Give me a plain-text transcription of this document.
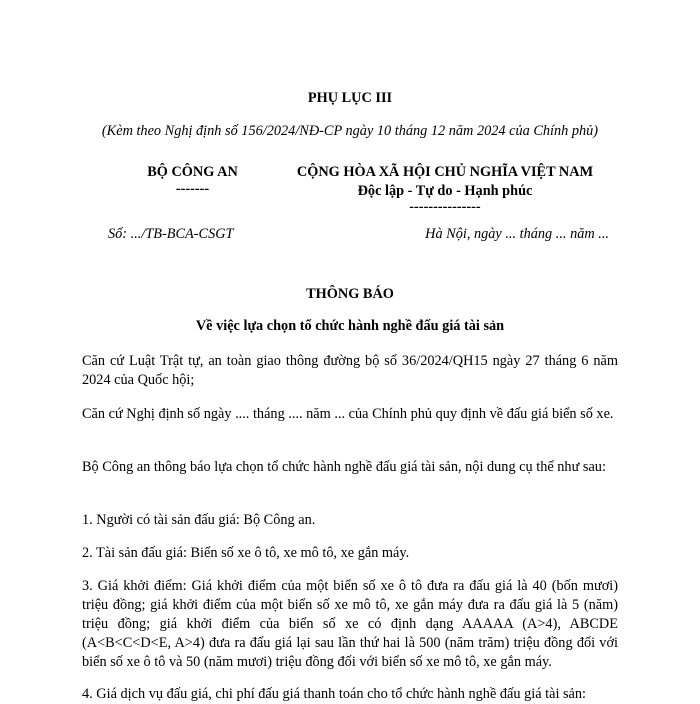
PHỤ LỤC III
(Kèm theo Nghị định số 156/2024/NĐ-CP ngày 10 tháng 12 năm 2024 của Chính phủ)
BỘ CÔNG AN
-------
Số: .../TB-BCA-CSGT
CỘNG HÒA XÃ HỘI CHỦ NGHĨA VIỆT NAM
Độc lập - Tự do - Hạnh phúc
---------------
Hà Nội, ngày ... tháng ... năm ...
THÔNG BÁO
Về việc lựa chọn tổ chức hành nghề đấu giá tài sản
Căn cứ Luật Trật tự, an toàn giao thông đường bộ số 36/2024/QH15 ngày 27 tháng 6 năm 2024 của Quốc hội;
Căn cứ Nghị định số ngày .... tháng .... năm ... của Chính phủ quy định về đấu giá biển số xe.
Bộ Công an thông báo lựa chọn tổ chức hành nghề đấu giá tài sản, nội dung cụ thể như sau:
1. Người có tài sản đấu giá: Bộ Công an.
2. Tài sản đấu giá: Biển số xe ô tô, xe mô tô, xe gắn máy.
3. Giá khởi điểm: Giá khởi điểm của một biển số xe ô tô đưa ra đấu giá là 40 (bốn mươi) triệu đồng; giá khởi điểm của một biển số xe mô tô, xe gắn máy đưa ra đấu giá là 5 (năm) triệu đồng; giá khởi điểm của biển số xe có định dạng AAAAA (A>4), ABCDE (A<B<C<D<E, A>4) đưa ra đấu giá lại sau lần thứ hai là 500 (năm trăm) triệu đồng đối với biển số xe ô tô và 50 (năm mươi) triệu đồng đối với biển số xe mô tô, xe gắn máy.
4. Giá dịch vụ đấu giá, chi phí đấu giá thanh toán cho tổ chức hành nghề đấu giá tài sản:
